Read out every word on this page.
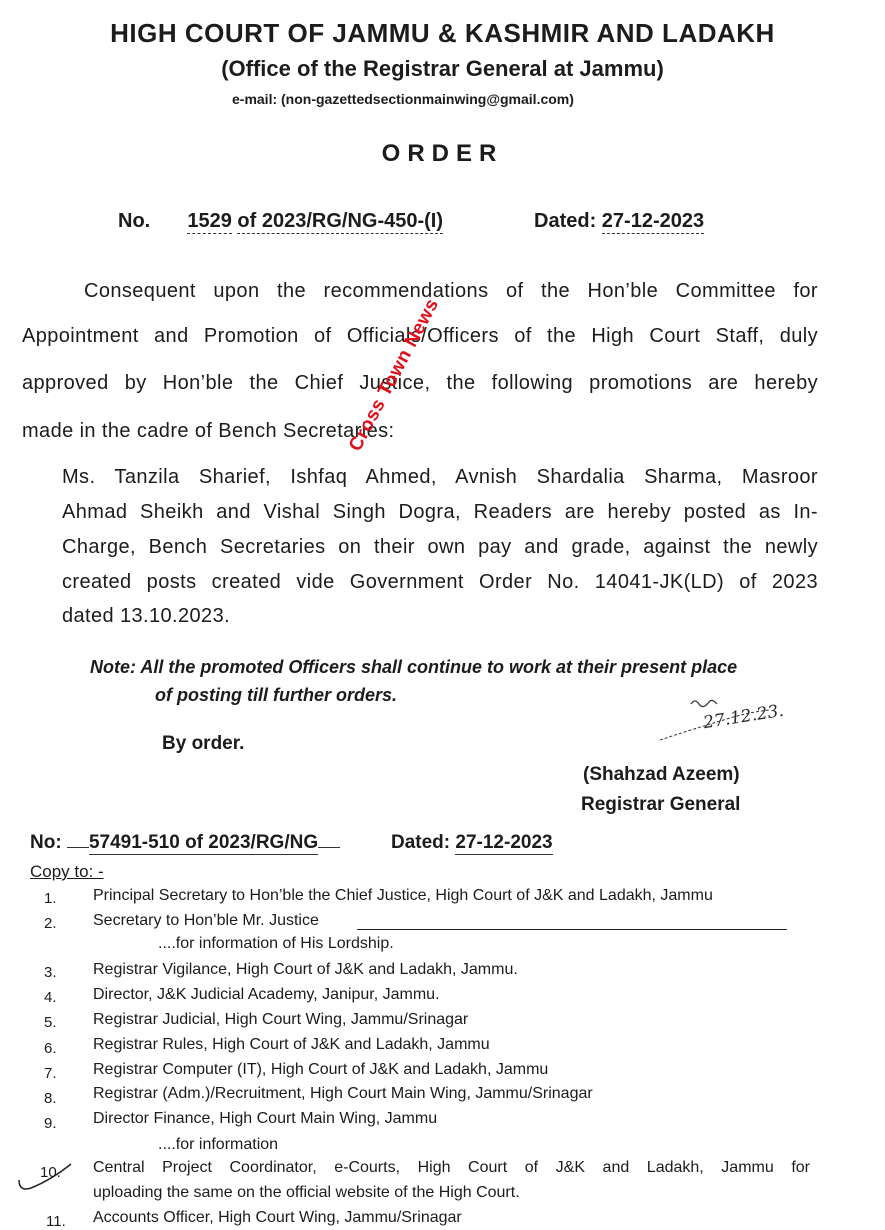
HIGH COURT OF JAMMU & KASHMIR AND LADAKH
(Office of the Registrar General at Jammu)
e-mail: (non-gazettedsectionmainwing@gmail.com)
ORDER
No. 1529 of 2023/RG/NG-450-(I)	Dated: 27-12-2023
Consequent upon the recommendations of the Hon’ble Committee for
Appointment and Promotion of Officials/Officers of the High Court Staff, duly
approved by Hon’ble the Chief Justice, the following promotions are hereby
made in the cadre of Bench Secretaries:
Ms. Tanzila Sharief, Ishfaq Ahmed, Avnish Shardalia Sharma, Masroor
Ahmad Sheikh and Vishal Singh Dogra, Readers are hereby posted as In-
Charge, Bench Secretaries on their own pay and grade, against the newly
created posts created vide Government Order No. 14041-JK(LD) of 2023
dated 13.10.2023.
Cross Town News
Note: All the promoted Officers shall continue to work at their present place
of posting till further orders.
By order.
27.12.23.
(Shahzad Azeem)
Registrar General
No: 57491-510 of 2023/RG/NG	Dated: 27-12-2023
Copy to: -
1. Principal Secretary to Hon’ble the Chief Justice, High Court of J&K and Ladakh, Jammu
2. Secretary to Hon’ble Mr. Justice
....for information of His Lordship.
3. Registrar Vigilance, High Court of J&K and Ladakh, Jammu.
4. Director, J&K Judicial Academy, Janipur, Jammu.
5. Registrar Judicial, High Court Wing, Jammu/Srinagar
6. Registrar Rules, High Court of J&K and Ladakh, Jammu
7. Registrar Computer (IT), High Court of J&K and Ladakh, Jammu
8. Registrar (Adm.)/Recruitment, High Court Main Wing, Jammu/Srinagar
9. Director Finance, High Court Main Wing, Jammu
....for information
10. Central Project Coordinator, e-Courts, High Court of J&K and Ladakh, Jammu for
uploading the same on the official website of the High Court.
11. Accounts Officer, High Court Wing, Jammu/Srinagar
